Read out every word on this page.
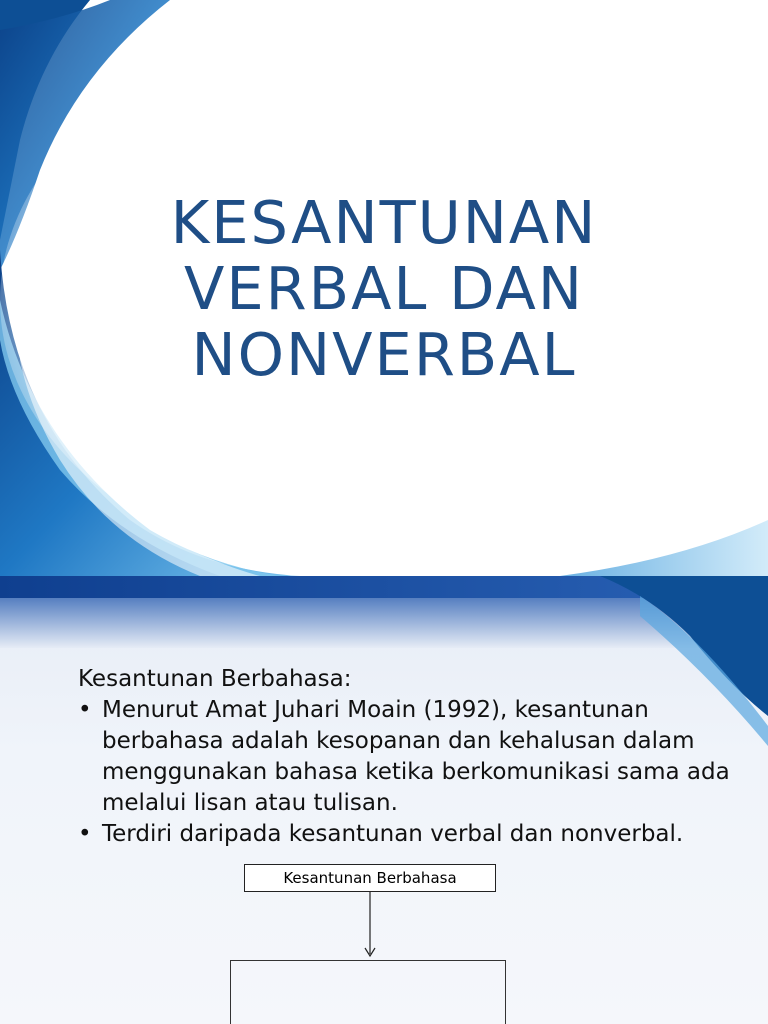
KESANTUNAN
VERBAL DAN
NONVERBAL
Kesantunan Berbahasa:
• Menurut Amat Juhari Moain (1992), kesantunan berbahasa adalah kesopanan dan kehalusan dalam menggunakan bahasa ketika berkomunikasi sama ada melalui lisan atau tulisan.
• Terdiri daripada kesantunan verbal dan nonverbal.
Kesantunan Berbahasa
